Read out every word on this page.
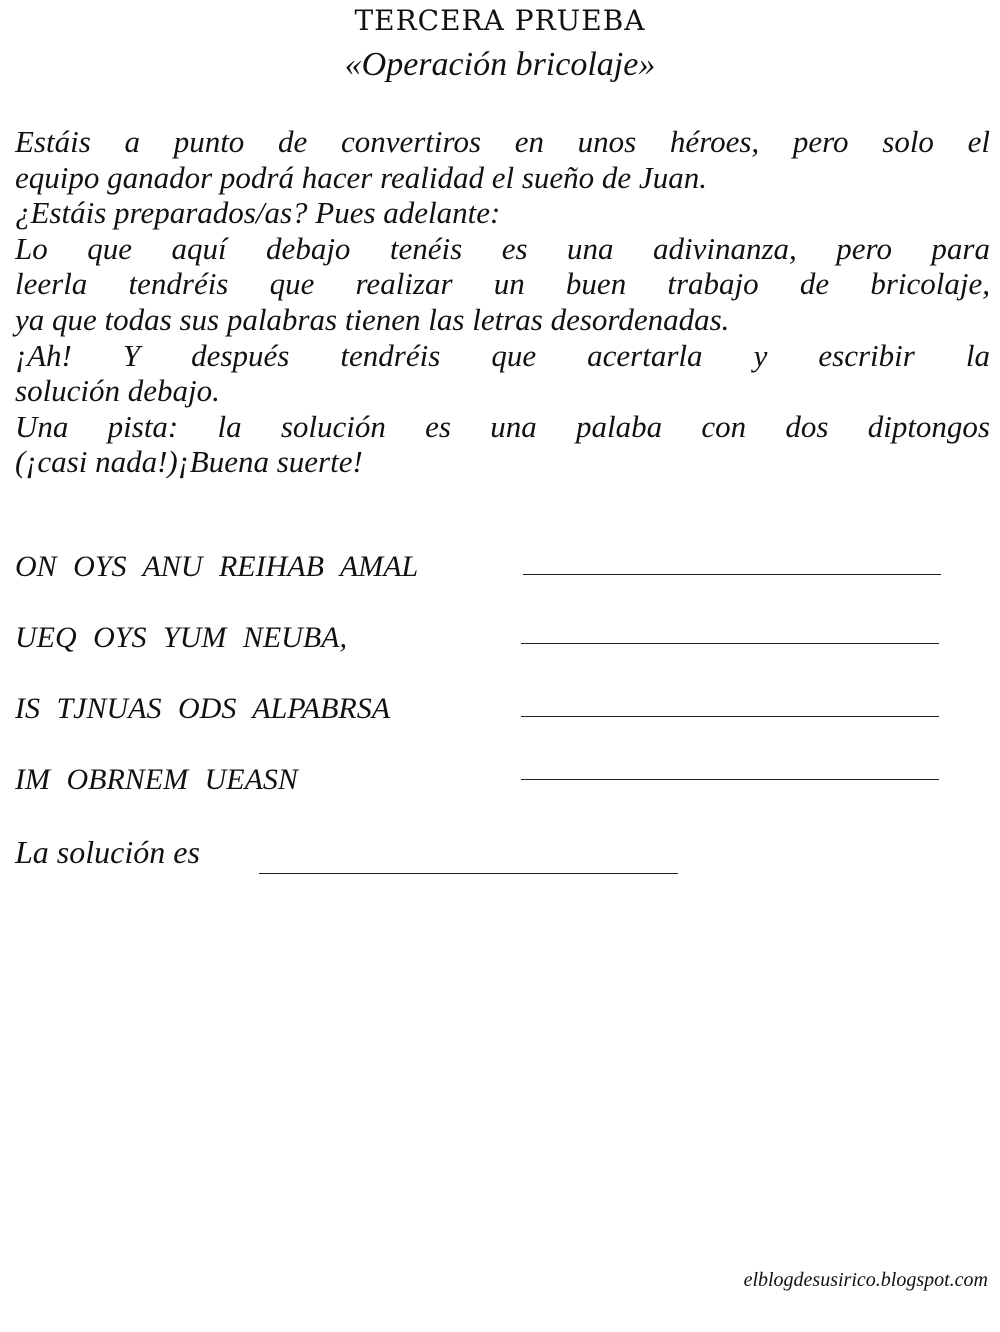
TERCERA PRUEBA
«Operación bricolaje»
Estáis a punto de convertiros en unos héroes, pero solo el
equipo ganador podrá hacer realidad el sueño de Juan.
¿Estáis preparados/as? Pues adelante:
Lo que aquí debajo tenéis es una adivinanza, pero para
leerla tendréis que realizar un buen trabajo de bricolaje,
ya que todas sus palabras tienen las letras desordenadas.
¡Ah! Y después tendréis que acertarla y escribir la
solución debajo.
Una pista: la solución es una palaba con dos diptongos
(¡casi nada!)¡Buena suerte!
ON OYS ANU REIHAB AMAL
UEQ OYS YUM NEUBA,
IS TJNUAS ODS ALPABRSA
IM OBRNEM UEASN
La solución es
elblogdesusirico.blogspot.com
